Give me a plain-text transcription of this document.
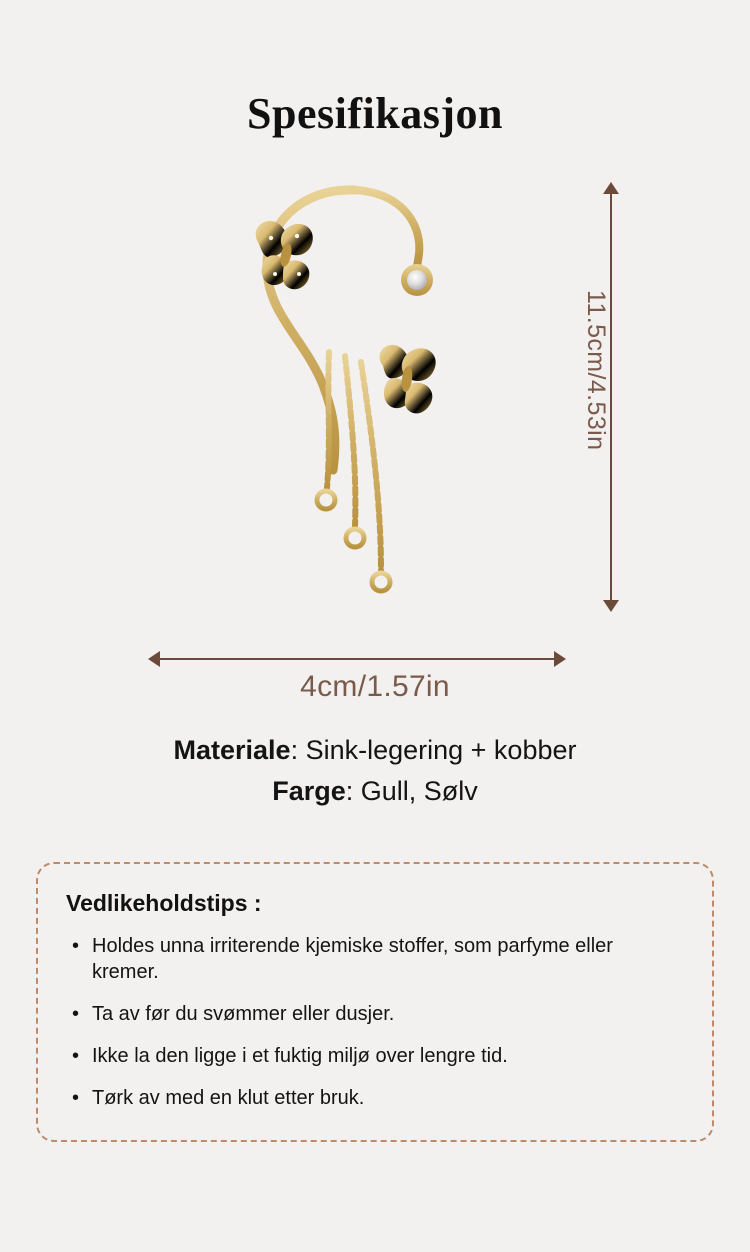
Spesifikasjon
11.5cm/4.53in
4cm/1.57in
Materiale: Sink-legering + kobber
Farge: Gull, Sølv
Vedlikeholdstips :
• Holdes unna irriterende kjemiske stoffer, som parfyme eller kremer.
• Ta av før du svømmer eller dusjer.
• Ikke la den ligge i et fuktig miljø over lengre tid.
• Tørk av med en klut etter bruk.
